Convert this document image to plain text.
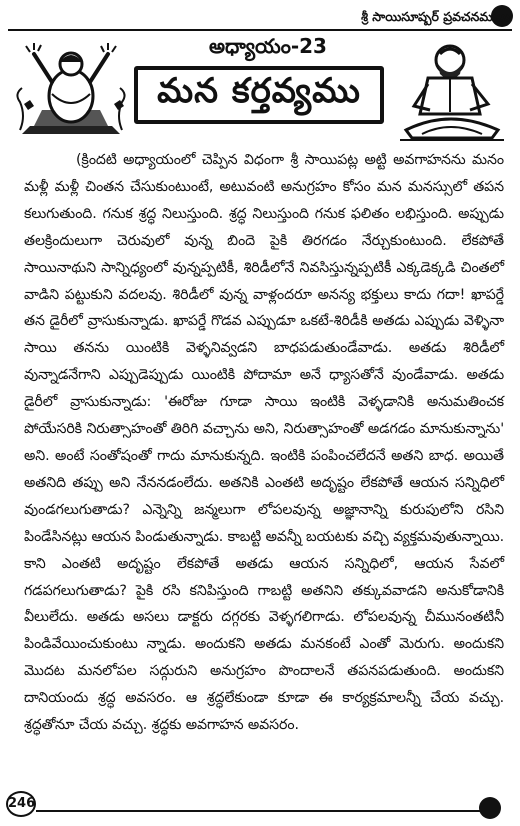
శ్రీ సాయిసూష్పర్ ప్రవచనములు
అధ్యాయం-23
మన కర్తవ్యము

(క్రిందటి అధ్యాయంలో చెప్పిన విధంగా శ్రీ సాయిపట్ల అట్టి అవగాహనను మనం మళ్లీ మళ్లీ చింతన చేసుకుంటుంటే, అటువంటి అనుగ్రహం కోసం మన మనస్సులో తపన కలుగుతుంది. గనుక శ్రద్ధ నిలుస్తుంది. శ్రద్ధ నిలుస్తుంది గనుక ఫలితం లభిస్తుంది. అప్పుడు తలక్రిందులుగా చెరువులో వున్న బిందె పైకి తిరగడం నేర్చుకుంటుంది. లేకపోతే సాయినాథుని సాన్నిధ్యంలో వున్నప్పటికీ, శిరిడీలోనే నివసిస్తున్నప్పటికీ ఎక్కడెక్కడి చింతలో వాడిని పట్టుకుని వదలవు. శిరిడీలో వున్న వాళ్లందరూ అనన్య భక్తులు కాదు గదా! ఖాపర్డే తన డైరీలో వ్రాసుకున్నాడు. ఖాపర్డే గొడవ ఎప్పుడూ ఒకటే-శిరిడీకి అతడు ఎప్పుడు వెళ్ళినా సాయి తనను యింటికి వెళ్ళనివ్వడని బాధపడుతుండేవాడు. అతడు శిరిడీలో వున్నాడనేగాని ఎప్పుడెప్పుడు యింటికి పోదామా అనే ధ్యాసతోనే వుండేవాడు. అతడు డైరీలో వ్రాసుకున్నాడు: 'ఈరోజు గూడా సాయి ఇంటికి వెళ్ళడానికి అనుమతించక పోయేసరికి నిరుత్సాహంతో తిరిగి వచ్చాను అని, నిరుత్సాహంతో అడగడం మానుకున్నాను' అని. అంటే సంతోషంతో గాదు మానుకున్నది. ఇంటికి పంపించలేదనే అతని బాధ. అయితే అతనిది తప్పు అని నేననడంలేదు. అతనికి ఎంతటి అదృష్టం లేకపోతే ఆయన సన్నిధిలో వుండగలుగుతాడు? ఎన్నెన్ని జన్మలుగా లోపలవున్న అజ్ఞానాన్ని కురుపులోని రసిని పిండేసినట్లు ఆయన పిండుతున్నాడు. కాబట్టి అవన్నీ బయటకు వచ్చి వ్యక్తమవుతున్నాయి. కాని ఎంతటి అదృష్టం లేకపోతే అతడు ఆయన సన్నిధిలో, ఆయన సేవలో గడపగలుగుతాడు? పైకి రసి కనిపిస్తుంది గాబట్టి అతనిని తక్కువవాడని అనుకోడానికి వీలులేదు. అతడు అసలు డాక్టరు దగ్గరకు వెళ్ళగలిగాడు. లోపలవున్న చీమునంతటినీ పిండివేయించుకుంటు న్నాడు. అందుకని అతడు మనకంటే ఎంతో మెరుగు. అందుకని మొదట మనలోపల సద్గురుని అనుగ్రహం పొందాలనే తపనపడుతుంది. అందుకని దానియందు శ్రద్ధ అవసరం. ఆ శ్రద్ధలేకుండా కూడా ఈ కార్యక్రమాలన్నీ చేయ వచ్చు. శ్రద్ధతోనూ చేయ వచ్చు. శ్రద్ధకు అవగాహన అవసరం.

246
